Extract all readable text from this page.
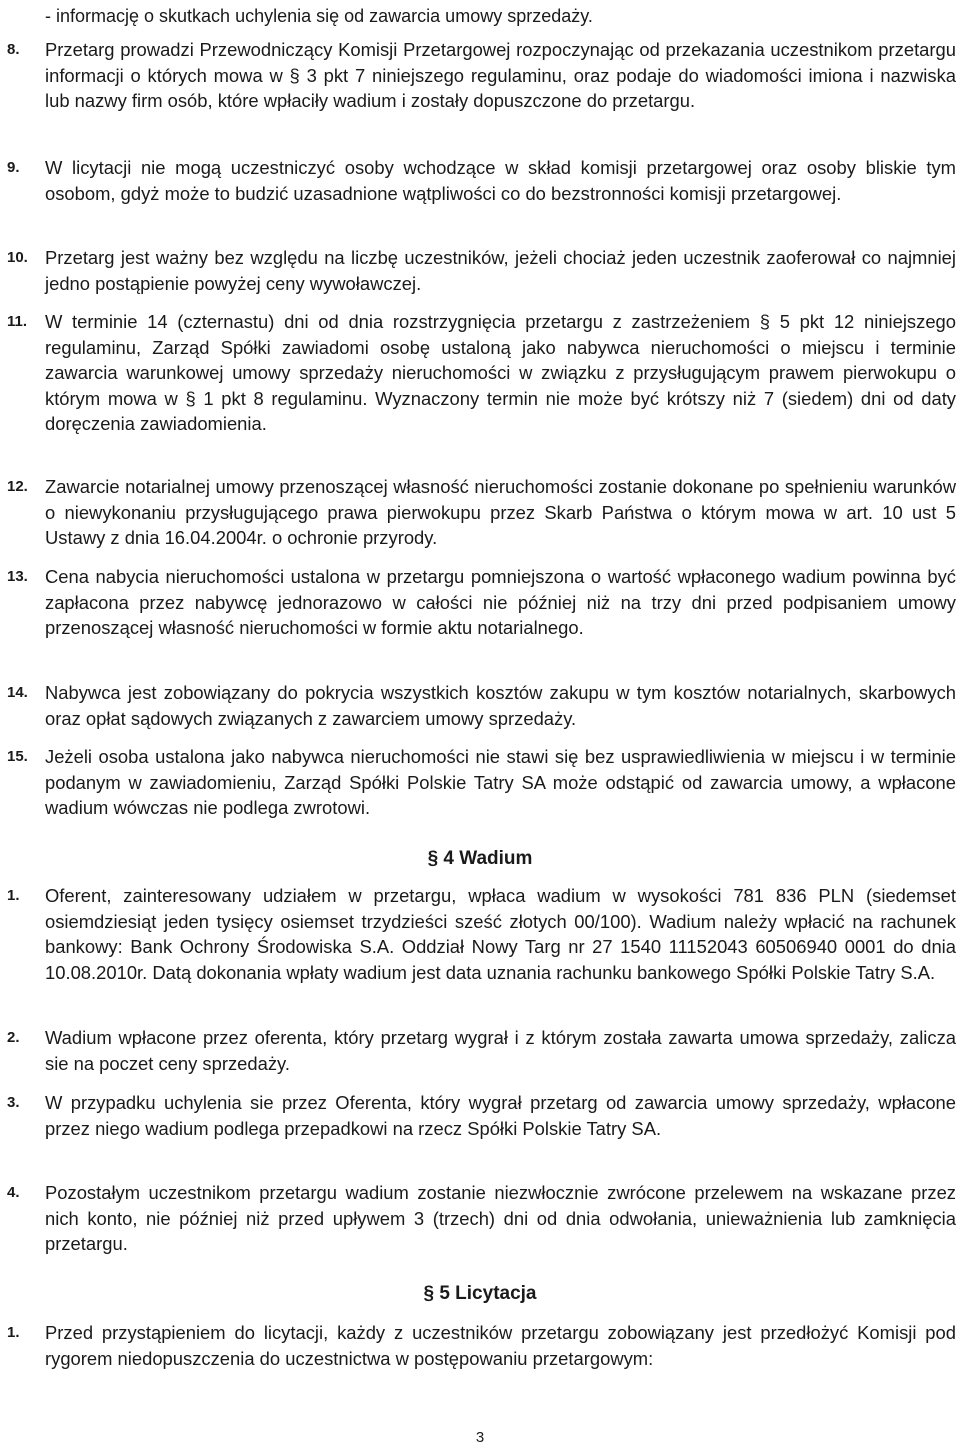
- informację o skutkach uchylenia się od zawarcia umowy sprzedaży.
8. Przetarg prowadzi Przewodniczący Komisji Przetargowej rozpoczynając od przekazania uczestnikom przetargu informacji o których mowa w § 3 pkt 7 niniejszego regulaminu, oraz podaje do wiadomości imiona i nazwiska lub nazwy firm osób, które wpłaciły wadium i zostały dopuszczone do przetargu.
9. W licytacji nie mogą uczestniczyć osoby wchodzące w skład komisji przetargowej oraz osoby bliskie tym osobom, gdyż może to budzić uzasadnione wątpliwości co do bezstronności komisji przetargowej.
10. Przetarg jest ważny bez względu na liczbę uczestników, jeżeli chociaż jeden uczestnik zaoferował co najmniej jedno postąpienie powyżej ceny wywoławczej.
11. W terminie 14 (czternastu) dni od dnia rozstrzygnięcia przetargu z zastrzeżeniem § 5 pkt 12 niniejszego regulaminu, Zarząd Spółki zawiadomi osobę ustaloną jako nabywca nieruchomości o miejscu i terminie zawarcia warunkowej umowy sprzedaży nieruchomości w związku z przysługującym prawem pierwokupu o którym mowa w § 1 pkt 8 regulaminu. Wyznaczony termin nie może być krótszy niż 7 (siedem) dni od daty doręczenia zawiadomienia.
12. Zawarcie notarialnej umowy przenoszącej własność nieruchomości zostanie dokonane po spełnieniu warunków o niewykonaniu przysługującego prawa pierwokupu przez Skarb Państwa o którym mowa w art. 10 ust 5 Ustawy z dnia 16.04.2004r. o ochronie przyrody.
13. Cena nabycia nieruchomości ustalona w przetargu pomniejszona o wartość wpłaconego wadium powinna być zapłacona przez nabywcę jednorazowo w całości nie później niż na trzy dni przed podpisaniem umowy przenoszącej własność nieruchomości w formie aktu notarialnego.
14. Nabywca jest zobowiązany do pokrycia wszystkich kosztów zakupu w tym kosztów notarialnych, skarbowych oraz opłat sądowych związanych z zawarciem umowy sprzedaży.
15. Jeżeli osoba ustalona jako nabywca nieruchomości nie stawi się bez usprawiedliwienia w miejscu i w terminie podanym w zawiadomieniu, Zarząd Spółki Polskie Tatry SA może odstąpić od zawarcia umowy, a wpłacone wadium wówczas nie podlega zwrotowi.
§ 4 Wadium
1. Oferent, zainteresowany udziałem w przetargu, wpłaca wadium w wysokości 781 836 PLN (siedemset osiemdziesiąt jeden tysięcy osiemset trzydzieści sześć złotych 00/100). Wadium należy wpłacić na rachunek bankowy: Bank Ochrony Środowiska S.A. Oddział Nowy Targ nr 27 1540 11152043 60506940 0001 do dnia 10.08.2010r. Datą dokonania wpłaty wadium jest data uznania rachunku bankowego Spółki Polskie Tatry S.A.
2. Wadium wpłacone przez oferenta, który przetarg wygrał i z którym została zawarta umowa sprzedaży, zalicza sie na poczet ceny sprzedaży.
3. W przypadku uchylenia sie przez Oferenta, który wygrał przetarg od zawarcia umowy sprzedaży, wpłacone przez niego wadium podlega przepadkowi na rzecz Spółki Polskie Tatry SA.
4. Pozostałym uczestnikom przetargu wadium zostanie niezwłocznie zwrócone przelewem na wskazane przez nich konto, nie później niż przed upływem 3 (trzech) dni od dnia odwołania, unieważnienia lub zamknięcia przetargu.
§ 5 Licytacja
1. Przed przystąpieniem do licytacji, każdy z uczestników przetargu zobowiązany jest przedłożyć Komisji pod rygorem niedopuszczenia do uczestnictwa w postępowaniu przetargowym:
3
